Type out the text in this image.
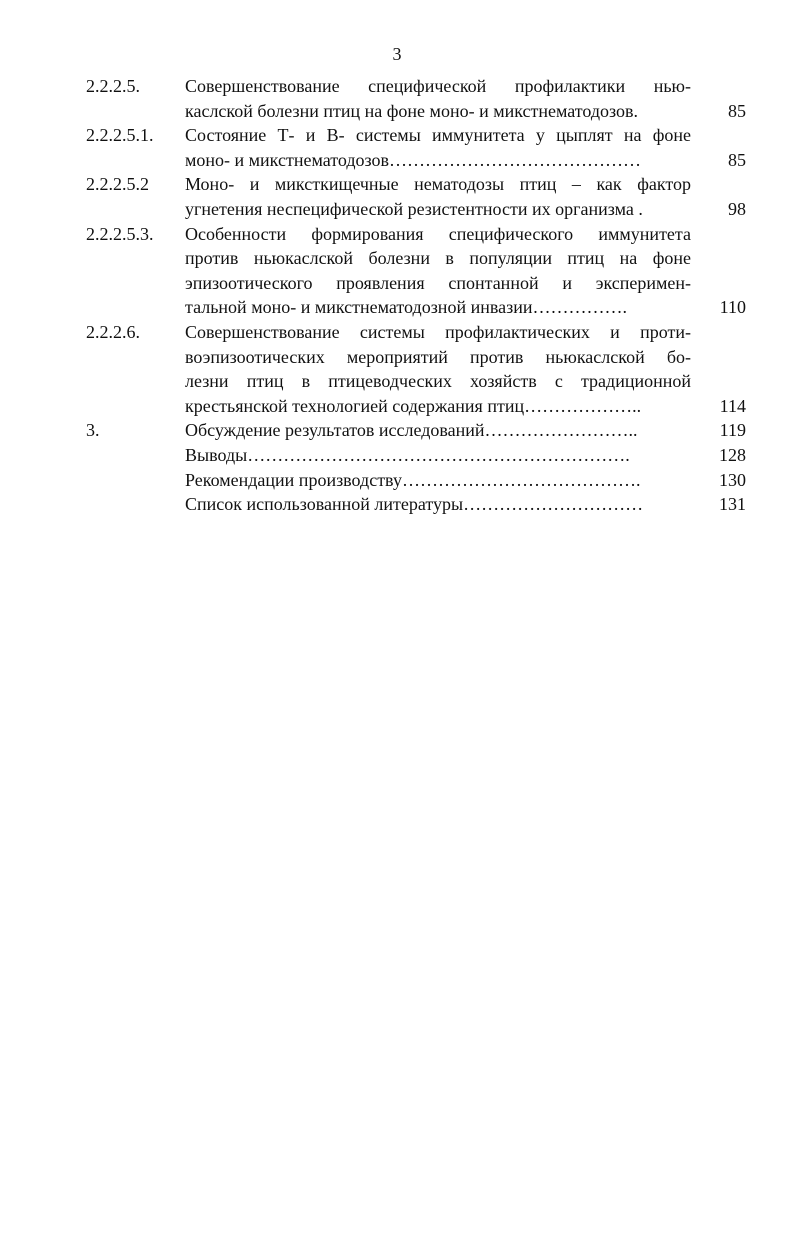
3
2.2.2.5.	Совершенствование специфической профилактики нью-
каслской болезни птиц на фоне моно- и микстнематодозов.	85
2.2.2.5.1.	Состояние Т- и В- системы иммунитета у цыплят на фоне
моно- и микстнематодозов……………………………………	85
2.2.2.5.2	Моно- и миксткищечные нематодозы птиц – как фактор
угнетения неспецифической резистентности их организма .	98
2.2.2.5.3.	Особенности формирования специфического иммунитета
против ньюкаслской болезни в популяции птиц на фоне
эпизоотического проявления спонтанной и эксперимен-
тальной моно- и микстнематодозной инвазии…………….	110
2.2.2.6.	Совершенствование системы профилактических и проти-
воэпизоотических мероприятий против ньюкаслской бо-
лезни птиц в птицеводческих хозяйств с традиционной
крестьянской технологией содержания птиц………………..	114
3.	Обсуждение результатов исследований……………………..	119
Выводы……………………………………………………….	128
Рекомендации производству………………………………….	130
Список использованной литературы…………………………	131
